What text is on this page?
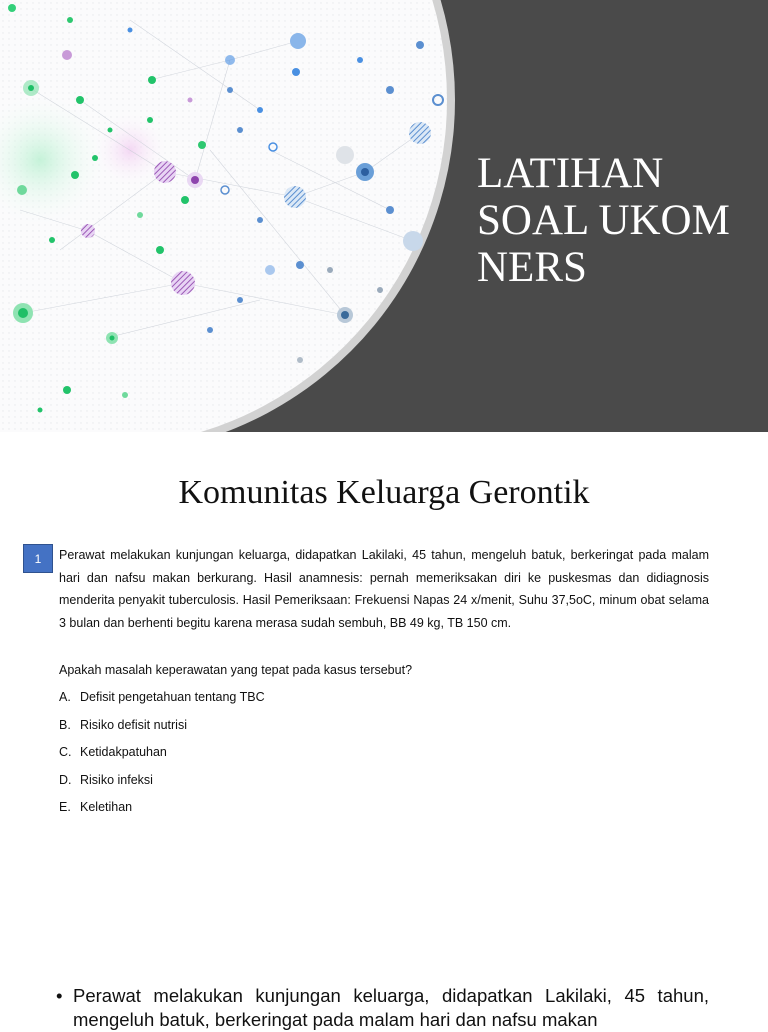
LATIHAN
SOAL UKOM
NERS
Komunitas Keluarga Gerontik
1	Perawat melakukan kunjungan keluarga, didapatkan Lakilaki, 45 tahun, mengeluh batuk, berkeringat pada malam hari dan nafsu makan berkurang. Hasil anamnesis: pernah memeriksakan diri ke puskesmas dan didiagnosis menderita penyakit tuberculosis. Hasil Pemeriksaan: Frekuensi Napas 24 x/menit, Suhu 37,5oC, minum obat selama 3 bulan dan berhenti begitu karena merasa sudah sembuh, BB 49 kg, TB 150 cm.

Apakah masalah keperawatan yang tepat pada kasus tersebut?

A. Defisit pengetahuan tentang TBC
B. Risiko defisit nutrisi
C. Ketidakpatuhan
D. Risiko infeksi
E. Keletihan
• Perawat melakukan kunjungan keluarga, didapatkan Lakilaki, 45 tahun, mengeluh batuk, berkeringat pada malam hari dan nafsu makan
